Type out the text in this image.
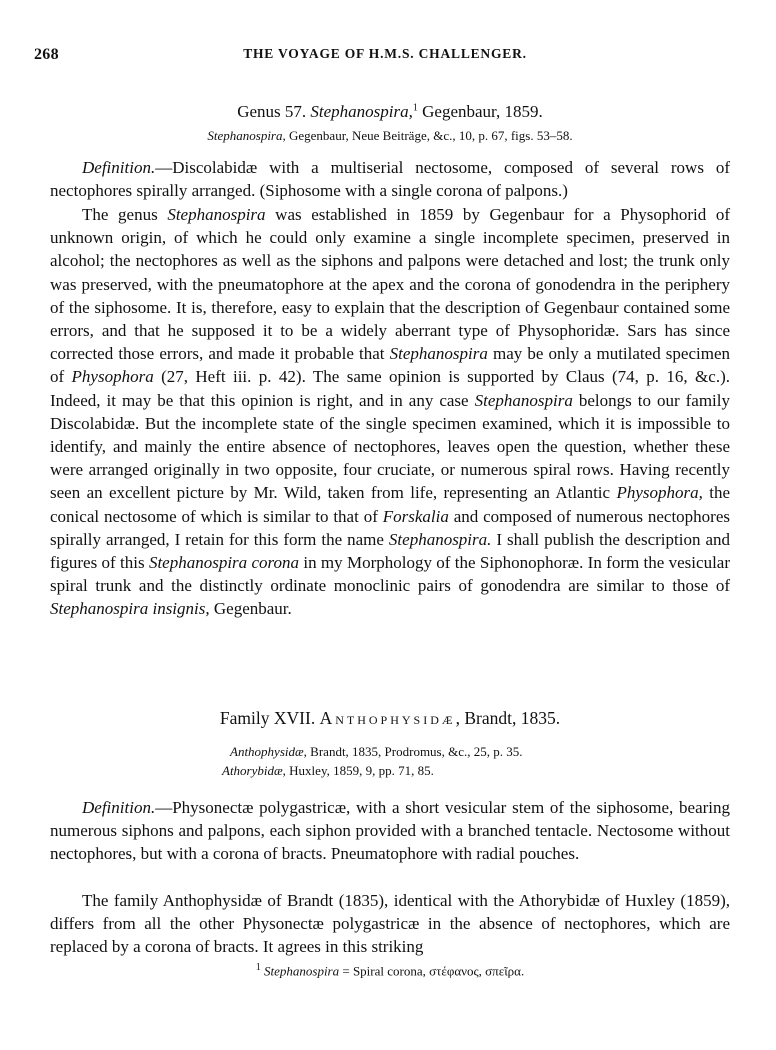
268	THE VOYAGE OF H.M.S. CHALLENGER.
Genus 57. Stephanospira,$^1$ Gegenbaur, 1859.
Stephanospira, Gegenbaur, Neue Beiträge, &c., 10, p. 67, figs. 53–58.

Definition.—Discolabidæ with a multiserial nectosome, composed of several rows of nectophores spirally arranged. (Siphosome with a single corona of palpons.)

The genus Stephanospira was established in 1859 by Gegenbaur for a Physophorid of unknown origin, of which he could only examine a single incomplete specimen, preserved in alcohol; the nectophores as well as the siphons and palpons were detached and lost; the trunk only was preserved, with the pneumatophore at the apex and the corona of gonodendra in the periphery of the siphosome. It is, therefore, easy to explain that the description of Gegenbaur contained some errors, and that he supposed it to be a widely aberrant type of Physophoridæ. Sars has since corrected those errors, and made it probable that Stephanospira may be only a mutilated specimen of Physophora (27, Heft iii. p. 42). The same opinion is supported by Claus (74, p. 16, &c.). Indeed, it may be that this opinion is right, and in any case Stephanospira belongs to our family Discolabidæ. But the incomplete state of the single specimen examined, which it is impossible to identify, and mainly the entire absence of nectophores, leaves open the question, whether these were arranged originally in two opposite, four cruciate, or numerous spiral rows. Having recently seen an excellent picture by Mr. Wild, taken from life, representing an Atlantic Physophora, the conical nectosome of which is similar to that of Forskalia and composed of numerous nectophores spirally arranged, I retain for this form the name Stephanospira. I shall publish the description and figures of this Stephanospira corona in my Morphology of the Siphonophoræ. In form the vesicular spiral trunk and the distinctly ordinate monoclinic pairs of gonodendra are similar to those of Stephanospira insignis, Gegenbaur.

Family XVII. Anthophysidæ, Brandt, 1835.
Anthophysidæ, Brandt, 1835, Prodromus, &c., 25, p. 35.
Athorybidæ, Huxley, 1859, 9, pp. 71, 85.

Definition.—Physonectæ polygastricæ, with a short vesicular stem of the siphosome, bearing numerous siphons and palpons, each siphon provided with a branched tentacle. Nectosome without nectophores, but with a corona of bracts. Pneumatophore with radial pouches.

The family Anthophysidæ of Brandt (1835), identical with the Athorybidæ of Huxley (1859), differs from all the other Physonectæ polygastricæ in the absence of nectophores, which are replaced by a corona of bracts. It agrees in this striking

$^1$ Stephanospira = Spiral corona, στέφανος, σπεῖρα.
